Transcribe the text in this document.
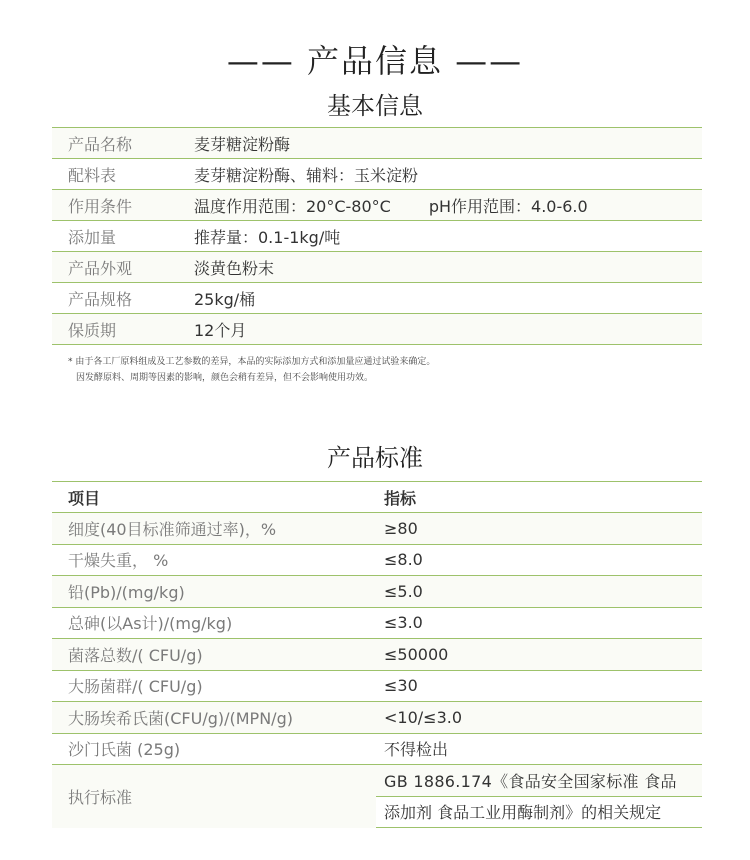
—— 产品信息 ——
基本信息
产品名称	麦芽糖淀粉酶
配料表	麦芽糖淀粉酶、辅料：玉米淀粉
作用条件	温度作用范围：20°C-80°C pH作用范围：4.0-6.0
添加量	推荐量：0.1-1kg/吨
产品外观	淡黄色粉末
产品规格	25kg/桶
保质期	12个月
* 由于各工厂原料组成及工艺参数的差异，本品的实际添加方式和添加量应通过试验来确定。
因发酵原料、周期等因素的影响，颜色会稍有差异，但不会影响使用功效。
产品标准
项目	指标
细度(40目标准筛通过率)，%	≥80
干燥失重， %	≤8.0
铅(Pb)/(mg/kg)	≤5.0
总砷(以As计)/(mg/kg)	≤3.0
菌落总数/( CFU/g)	≤50000
大肠菌群/( CFU/g)	≤30
大肠埃希氏菌(CFU/g)/(MPN/g)	<10/≤3.0
沙门氏菌 (25g)	不得检出
执行标准	GB 1886.174《食品安全国家标准 食品
	添加剂 食品工业用酶制剂》的相关规定
